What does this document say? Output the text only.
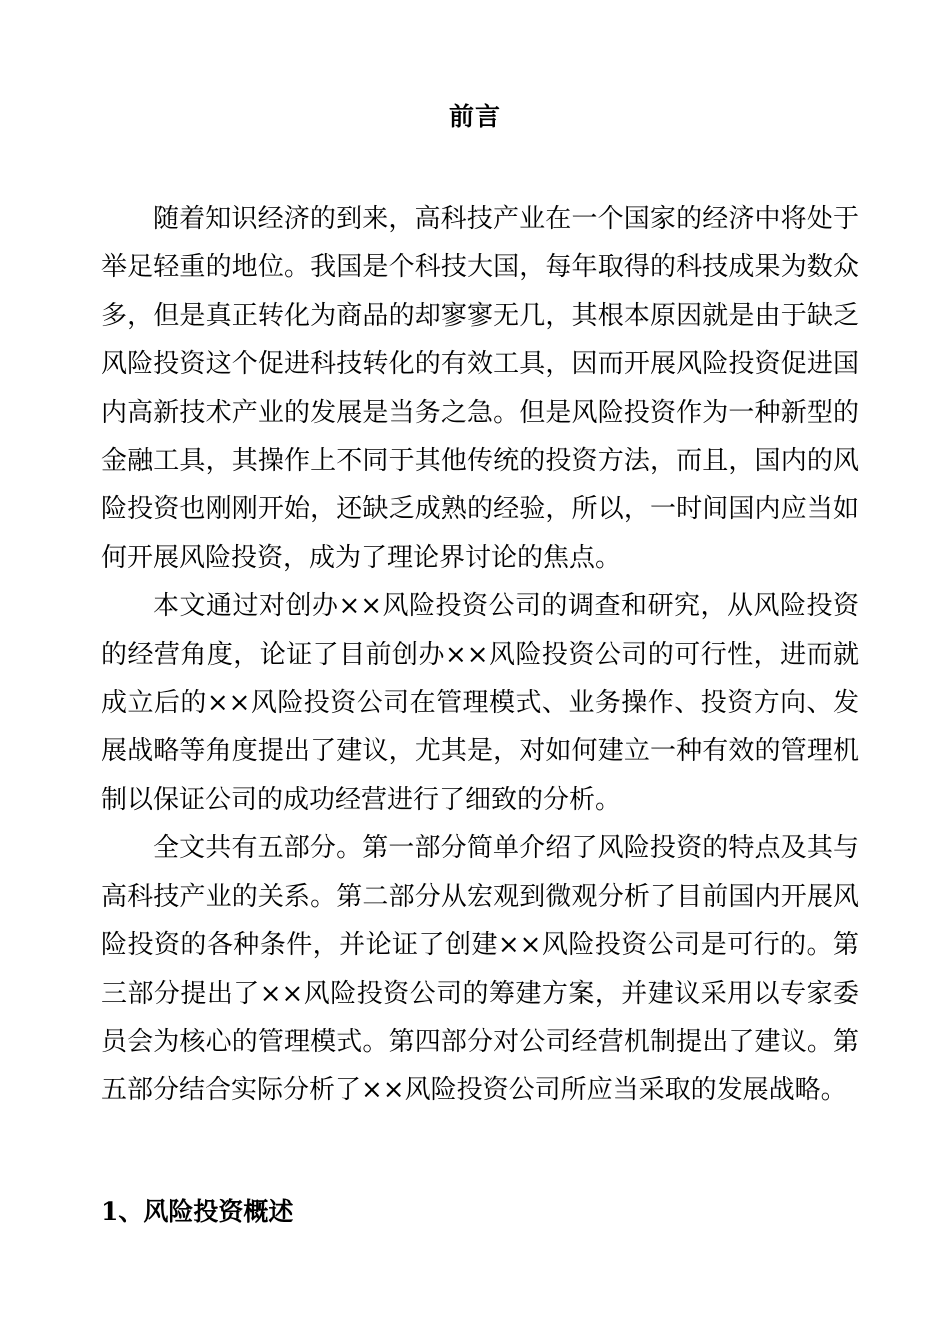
前言

随着知识经济的到来，高科技产业在一个国家的经济中将处于举足轻重的地位。我国是个科技大国，每年取得的科技成果为数众多，但是真正转化为商品的却寥寥无几，其根本原因就是由于缺乏风险投资这个促进科技转化的有效工具，因而开展风险投资促进国内高新技术产业的发展是当务之急。但是风险投资作为一种新型的金融工具，其操作上不同于其他传统的投资方法，而且，国内的风险投资也刚刚开始，还缺乏成熟的经验，所以，一时间国内应当如何开展风险投资，成为了理论界讨论的焦点。

本文通过对创办××风险投资公司的调查和研究，从风险投资的经营角度，论证了目前创办××风险投资公司的可行性，进而就成立后的××风险投资公司在管理模式、业务操作、投资方向、发展战略等角度提出了建议，尤其是，对如何建立一种有效的管理机制以保证公司的成功经营进行了细致的分析。

全文共有五部分。第一部分简单介绍了风险投资的特点及其与高科技产业的关系。第二部分从宏观到微观分析了目前国内开展风险投资的各种条件，并论证了创建××风险投资公司是可行的。第三部分提出了××风险投资公司的筹建方案，并建议采用以专家委员会为核心的管理模式。第四部分对公司经营机制提出了建议。第五部分结合实际分析了××风险投资公司所应当采取的发展战略。

1、风险投资概述
